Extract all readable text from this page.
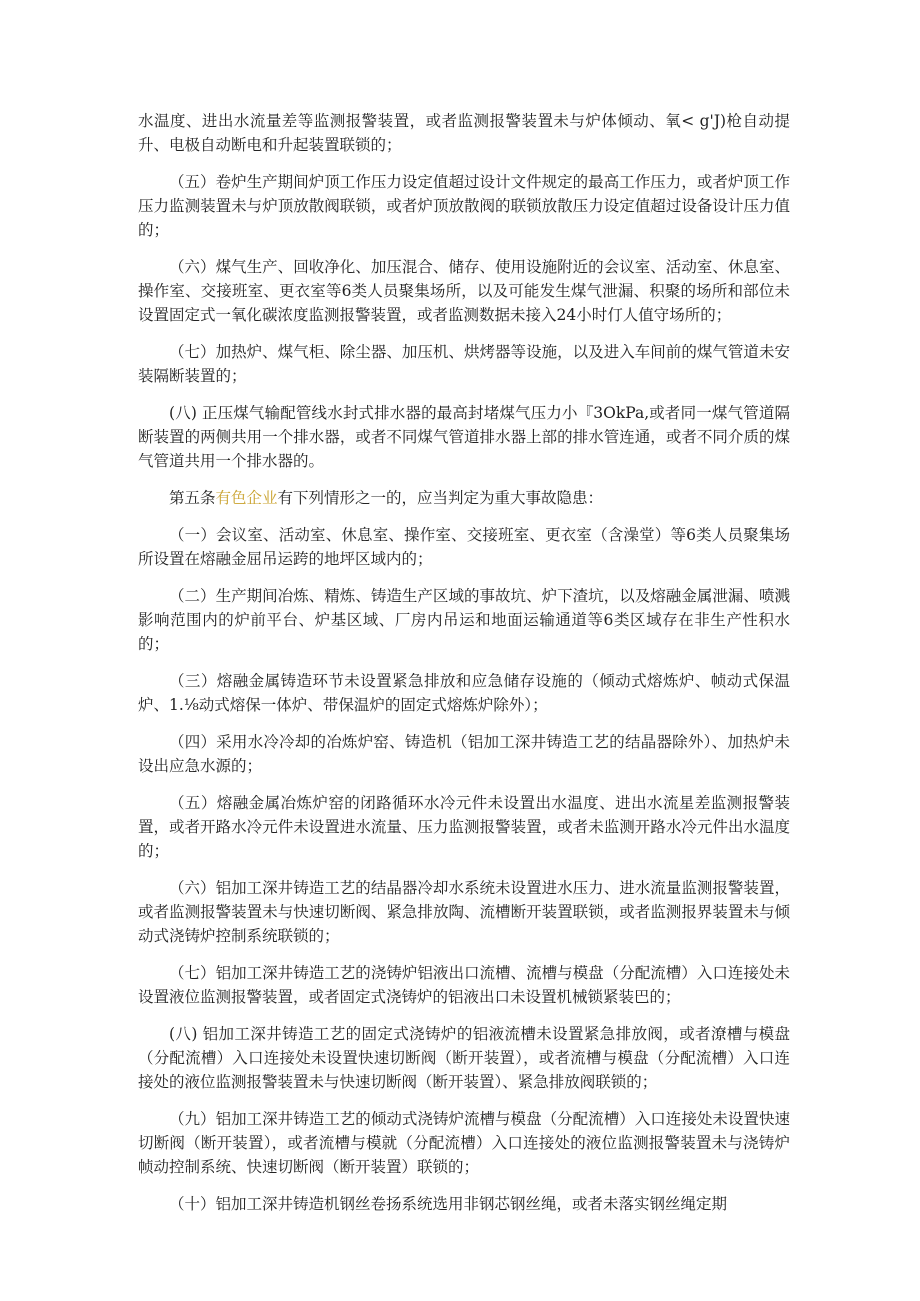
水温度、进出水流量差等监测报警装置，或者监测报警装置未与炉体倾动、氧< g'J)枪自动提升、电极自动断电和升起装置联锁的；

（五）卷炉生产期间炉顶工作压力设定值超过设计文件规定的最高工作压力，或者炉顶工作压力监测装置未与炉顶放散阀联锁，或者炉顶放散阀的联锁放散压力设定值超过设备设计压力值的；

（六）煤气生产、回收净化、加压混合、储存、使用设施附近的会议室、活动室、休息室、操作室、交接班室、更衣室等6类人员聚集场所，以及可能发生煤气泄漏、积聚的场所和部位未设置固定式一氧化碳浓度监测报警装置，或者监测数据未接入24小时仃人值守场所的；

（七）加热炉、煤气柜、除尘器、加压机、烘烤器等设施，以及进入车间前的煤气管道未安装隔断装置的；

(八) 正压煤气输配管线水封式排水器的最高封堵煤气压力小『3OkPa,或者同一煤气管道隔断装置的两侧共用一个排水器，或者不同煤气管道排水器上部的排水管连通，或者不同介质的煤气管道共用一个排水器的。

第五条有色企业有下列情形之一的，应当判定为重大事故隐患：

（一）会议室、活动室、休息室、操作室、交接班室、更衣室（含澡堂）等6类人员聚集场所设置在熔融金屈吊运跨的地坪区域内的；

（二）生产期间冶炼、精炼、铸造生产区域的事故坑、炉下渣坑，以及熔融金属泄漏、喷溅影响范围内的炉前平台、炉基区域、厂房内吊运和地面运输通道等6类区域存在非生产性积水的；

（三）熔融金属铸造环节未设置紧急排放和应急储存设施的（倾动式熔炼炉、帧动式保温炉、1.⅛动式熔保一体炉、带保温炉的固定式熔炼炉除外）；

（四）采用水冷冷却的冶炼炉窑、铸造机（铝加工深井铸造工艺的结晶器除外）、加热炉未设出应急水源的；

（五）熔融金属冶炼炉窑的闭路循环水冷元件未设置出水温度、进出水流星差监测报警装置，或者开路水冷元件未设置进水流量、压力监测报警装置，或者未监测开路水冷元件出水温度的；

（六）铝加工深井铸造工艺的结晶器冷却水系统未设置进水压力、进水流量监测报警装置，或者监测报警装置未与快速切断阀、紧急排放陶、流槽断开装置联锁，或者监测报界装置未与倾动式浇铸炉控制系统联锁的；

（七）铝加工深井铸造工艺的浇铸炉铝液出口流槽、流槽与模盘（分配流槽）入口连接处未设置液位监测报警装置，或者固定式浇铸炉的铝液出口未设置机械锁紧装巴的；

(八) 铝加工深井铸造工艺的固定式浇铸炉的铝液流槽未设置紧急排放阀，或者潦槽与模盘（分配流槽）入口连接处未设置快速切断阀（断开装置），或者流槽与模盘（分配流槽）入口连接处的液位监测报警装置未与快速切断阀（断开装置）、紧急排放阀联锁的；

（九）铝加工深井铸造工艺的倾动式浇铸炉流槽与模盘（分配流槽）入口连接处未设置快速切断阀（断开装置），或者流槽与模就（分配流槽）入口连接处的液位监测报警装置未与浇铸炉帧动控制系统、快速切断阀（断开装置）联锁的；

（十）铝加工深井铸造机钢丝卷扬系统选用非钢芯钢丝绳，或者未落实钢丝绳定期
